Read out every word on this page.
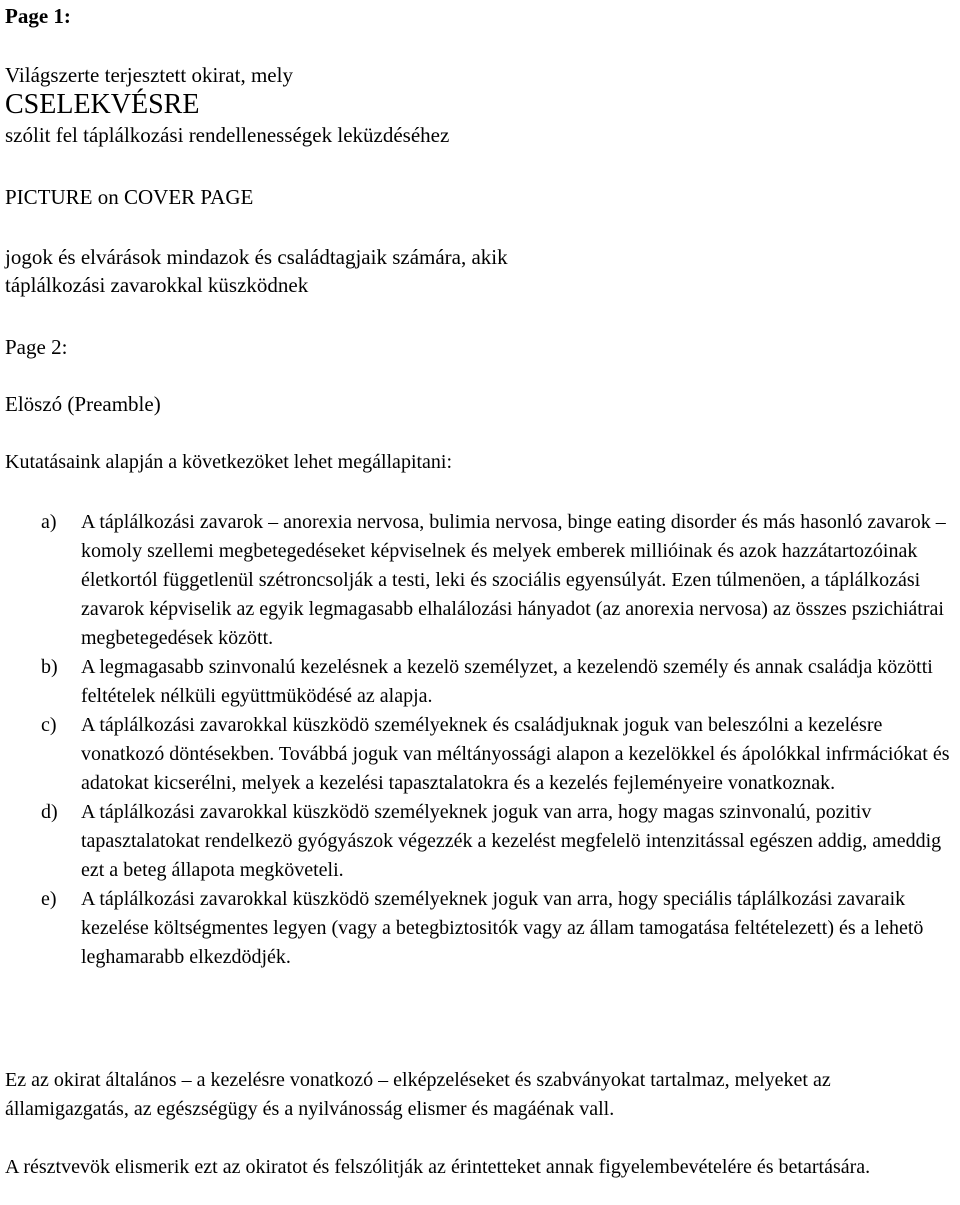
Page 1:
Világszerte terjesztett okirat, mely
CSELEKVÉSRE
szólit fel táplálkozási rendellenességek leküzdéséhez
PICTURE on COVER PAGE
jogok és elvárások mindazok és családtagjaik számára, akik
táplálkozási zavarokkal küszködnek
Page 2:
Elöszó (Preamble)
Kutatásaink alapján a következöket lehet megállapitani:
a) A táplálkozási zavarok – anorexia nervosa, bulimia nervosa, binge eating disorder és más hasonló zavarok – komoly szellemi megbetegedéseket képviselnek és melyek emberek millióinak és azok hazzátartozóinak életkortól függetlenül szétroncsolják a testi, leki és szociális egyensúlyát. Ezen túlmenöen, a táplálkozási zavarok képviselik az egyik legmagasabb elhalálozási hányadot (az anorexia nervosa) az összes pszichiátrai megbetegedések között.
b) A legmagasabb szinvonalú kezelésnek a kezelö személyzet, a kezelendö személy és annak családja közötti feltételek nélküli együttmüködésé az alapja.
c) A táplálkozási zavarokkal küszködö személyeknek és családjuknak joguk van beleszólni a kezelésre vonatkozó döntésekben. Továbbá joguk van méltányossági alapon a kezelökkel és ápolókkal infrmációkat és adatokat kicserélni, melyek a kezelési tapasztalatokra és a kezelés fejleményeire vonatkoznak.
d) A táplálkozási zavarokkal küszködö személyeknek joguk van arra, hogy magas szinvonalú, pozitiv tapasztalatokat rendelkezö gyógyászok végezzék a kezelést megfelelö intenzitással egészen addig, ameddig ezt a beteg állapota megköveteli.
e) A táplálkozási zavarokkal küszködö személyeknek joguk van arra, hogy speciális táplálkozási zavaraik kezelése költségmentes legyen (vagy a betegbiztositók vagy az állam tamogatása feltételezett) és a lehetö leghamarabb elkezdödjék.
Ez az okirat általános – a kezelésre vonatkozó – elképzeléseket és szabványokat tartalmaz, melyeket az államigazgatás, az egészségügy és a nyilvánosság elismer és magáénak vall.
A résztvevök elismerik ezt az okiratot és felszólitják az érintetteket annak figyelembevételére és betartására.
